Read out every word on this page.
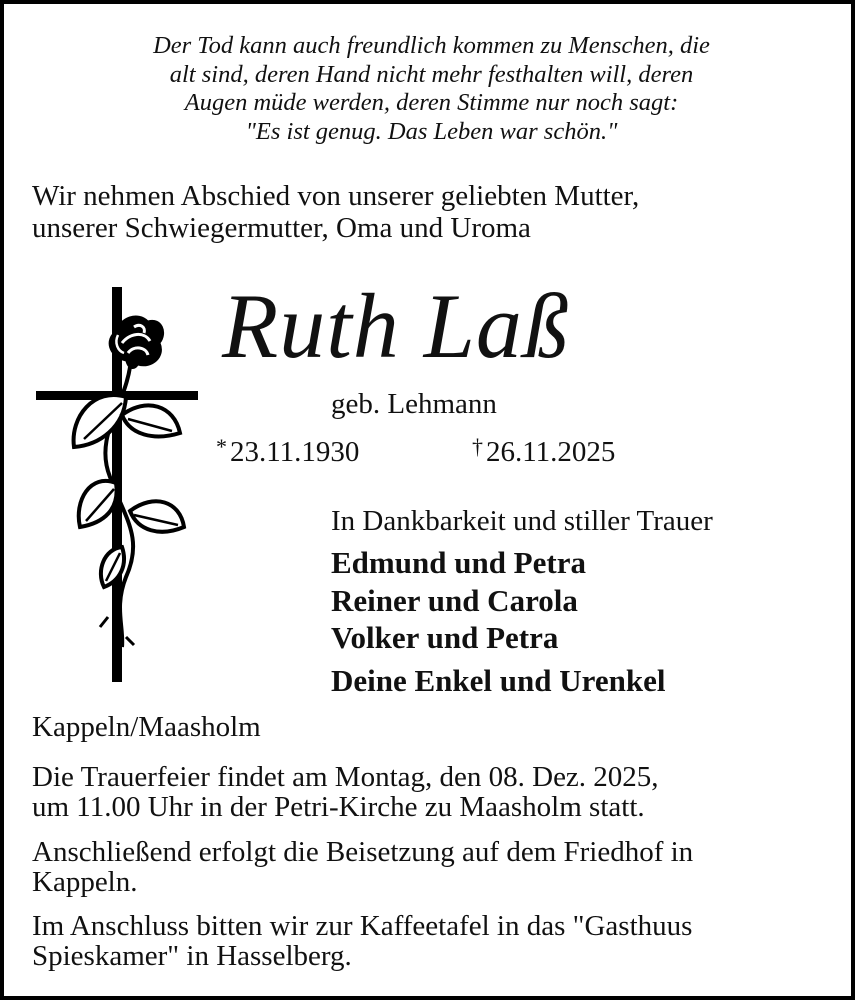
Der Tod kann auch freundlich kommen zu Menschen, die
alt sind, deren Hand nicht mehr festhalten will, deren
Augen müde werden, deren Stimme nur noch sagt:
"Es ist genug. Das Leben war schön."
Wir nehmen Abschied von unserer geliebten Mutter,
unserer Schwiegermutter, Oma und Uroma
Ruth Laß
geb. Lehmann
* 23.11.1930	† 26.11.2025
In Dankbarkeit und stiller Trauer
Edmund und Petra
Reiner und Carola
Volker und Petra
Deine Enkel und Urenkel
Kappeln/Maasholm
Die Trauerfeier findet am Montag, den 08. Dez. 2025,
um 11.00 Uhr in der Petri-Kirche zu Maasholm statt.
Anschließend erfolgt die Beisetzung auf dem Friedhof in
Kappeln.
Im Anschluss bitten wir zur Kaffeetafel in das "Gasthuus
Spieskamer" in Hasselberg.
